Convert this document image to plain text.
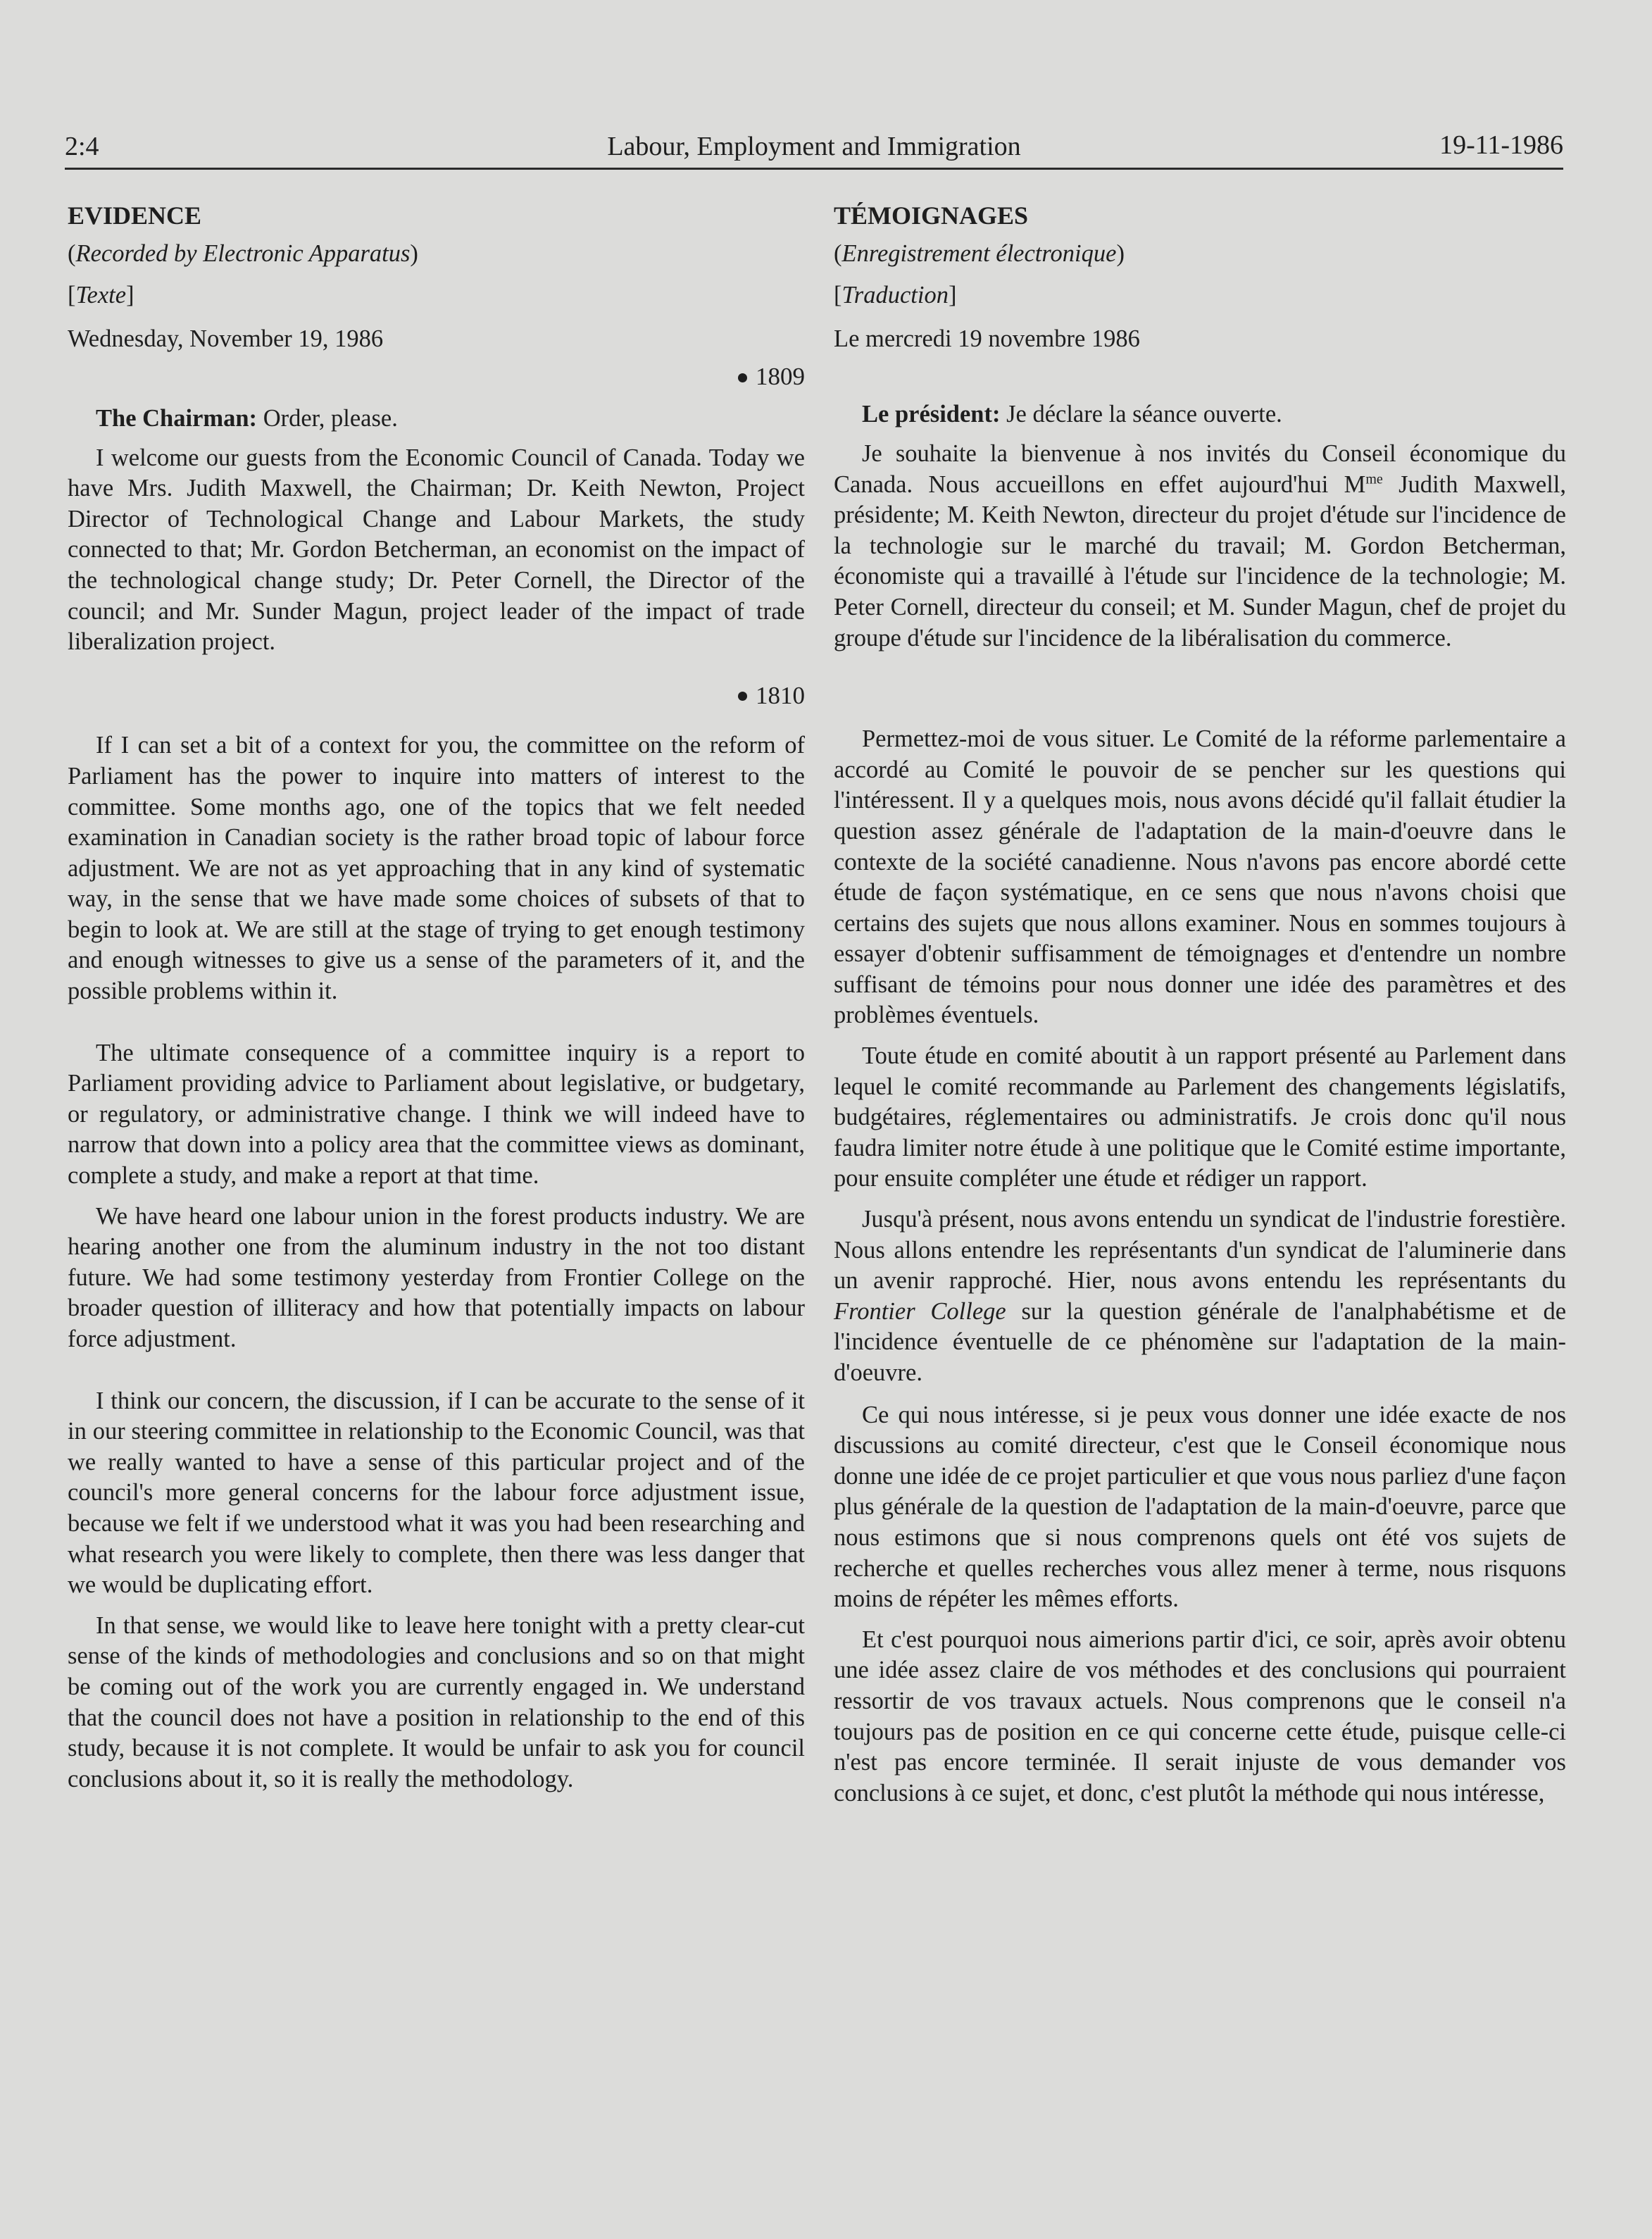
2:4	Labour, Employment and Immigration	19-11-1986

EVIDENCE

(Recorded by Electronic Apparatus)

[Texte]

Wednesday, November 19, 1986

1809

The Chairman: Order, please.

I welcome our guests from the Economic Council of Canada. Today we have Mrs. Judith Maxwell, the Chairman; Dr. Keith Newton, Project Director of Technological Change and Labour Markets, the study connected to that; Mr. Gordon Betcherman, an economist on the impact of the technological change study; Dr. Peter Cornell, the Director of the council; and Mr. Sunder Magun, project leader of the impact of trade liberalization project.

1810

If I can set a bit of a context for you, the committee on the reform of Parliament has the power to inquire into matters of interest to the committee. Some months ago, one of the topics that we felt needed examination in Canadian society is the rather broad topic of labour force adjustment. We are not as yet approaching that in any kind of systematic way, in the sense that we have made some choices of subsets of that to begin to look at. We are still at the stage of trying to get enough testimony and enough witnesses to give us a sense of the parameters of it, and the possible problems within it.

The ultimate consequence of a committee inquiry is a report to Parliament providing advice to Parliament about legislative, or budgetary, or regulatory, or administrative change. I think we will indeed have to narrow that down into a policy area that the committee views as dominant, complete a study, and make a report at that time.

We have heard one labour union in the forest products industry. We are hearing another one from the aluminum industry in the not too distant future. We had some testimony yesterday from Frontier College on the broader question of illiteracy and how that potentially impacts on labour force adjustment.

I think our concern, the discussion, if I can be accurate to the sense of it in our steering committee in relationship to the Economic Council, was that we really wanted to have a sense of this particular project and of the council's more general concerns for the labour force adjustment issue, because we felt if we understood what it was you had been researching and what research you were likely to complete, then there was less danger that we would be duplicating effort.

In that sense, we would like to leave here tonight with a pretty clear-cut sense of the kinds of methodologies and conclusions and so on that might be coming out of the work you are currently engaged in. We understand that the council does not have a position in relationship to the end of this study, because it is not complete. It would be unfair to ask you for council conclusions about it, so it is really the methodology.

TÉMOIGNAGES

(Enregistrement électronique)

[Traduction]

Le mercredi 19 novembre 1986

Le président: Je déclare la séance ouverte.

Je souhaite la bienvenue à nos invités du Conseil économique du Canada. Nous accueillons en effet aujourd'hui $M^{me}$ Judith Maxwell, présidente; M. Keith Newton, directeur du projet d'étude sur l'incidence de la technologie sur le marché du travail; M. Gordon Betcherman, économiste qui a travaillé à l'étude sur l'incidence de la technologie; M. Peter Cornell, directeur du conseil; et M. Sunder Magun, chef de projet du groupe d'étude sur l'incidence de la libéralisation du commerce.

Permettez-moi de vous situer. Le Comité de la réforme parlementaire a accordé au Comité le pouvoir de se pencher sur les questions qui l'intéressent. Il y a quelques mois, nous avons décidé qu'il fallait étudier la question assez générale de l'adaptation de la main-d'oeuvre dans le contexte de la société canadienne. Nous n'avons pas encore abordé cette étude de façon systématique, en ce sens que nous n'avons choisi que certains des sujets que nous allons examiner. Nous en sommes toujours à essayer d'obtenir suffisamment de témoignages et d'entendre un nombre suffisant de témoins pour nous donner une idée des paramètres et des problèmes éventuels.

Toute étude en comité aboutit à un rapport présenté au Parlement dans lequel le comité recommande au Parlement des changements législatifs, budgétaires, réglementaires ou administratifs. Je crois donc qu'il nous faudra limiter notre étude à une politique que le Comité estime importante, pour ensuite compléter une étude et rédiger un rapport.

Jusqu'à présent, nous avons entendu un syndicat de l'industrie forestière. Nous allons entendre les représentants d'un syndicat de l'aluminerie dans un avenir rapproché. Hier, nous avons entendu les représentants du Frontier College sur la question générale de l'analphabétisme et de l'incidence éventuelle de ce phénomène sur l'adaptation de la main-d'oeuvre.

Ce qui nous intéresse, si je peux vous donner une idée exacte de nos discussions au comité directeur, c'est que le Conseil économique nous donne une idée de ce projet particulier et que vous nous parliez d'une façon plus générale de la question de l'adaptation de la main-d'oeuvre, parce que nous estimons que si nous comprenons quels ont été vos sujets de recherche et quelles recherches vous allez mener à terme, nous risquons moins de répéter les mêmes efforts.

Et c'est pourquoi nous aimerions partir d'ici, ce soir, après avoir obtenu une idée assez claire de vos méthodes et des conclusions qui pourraient ressortir de vos travaux actuels. Nous comprenons que le conseil n'a toujours pas de position en ce qui concerne cette étude, puisque celle-ci n'est pas encore terminée. Il serait injuste de vous demander vos conclusions à ce sujet, et donc, c'est plutôt la méthode qui nous intéresse,
